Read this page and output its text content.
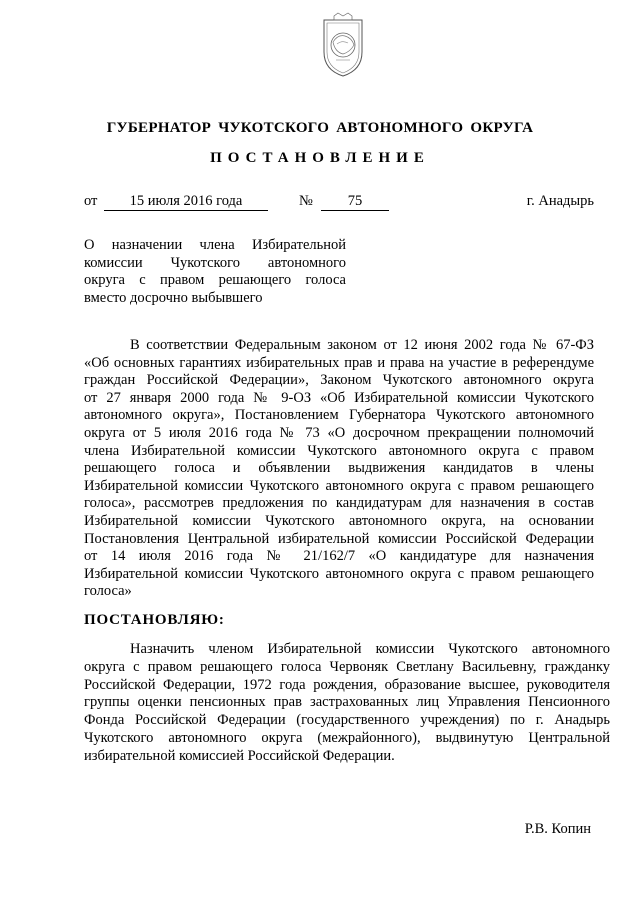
ГУБЕРНАТОР ЧУКОТСКОГО АВТОНОМНОГО ОКРУГА
ПОСТАНОВЛЕНИЕ
от	15 июля 2016 года	№	75	г. Анадырь
О назначении члена Избирательной
комиссии Чукотского автономного
округа с правом решающего голоса
вместо досрочно выбывшего
В соответствии Федеральным законом от 12 июня 2002 года № 67-ФЗ
«Об основных гарантиях избирательных прав и права на участие в референдуме
граждан Российской Федерации», Законом Чукотского автономного округа
от 27 января 2000 года № 9-ОЗ «Об Избирательной комиссии Чукотского
автономного округа», Постановлением Губернатора Чукотского автономного
округа от 5 июля 2016 года № 73 «О досрочном прекращении полномочий
члена Избирательной комиссии Чукотского автономного округа с правом
решающего голоса и объявлении выдвижения кандидатов в члены
Избирательной комиссии Чукотского автономного округа с правом решающего
голоса», рассмотрев предложения по кандидатурам для назначения в состав
Избирательной комиссии Чукотского автономного округа, на основании
Постановления Центральной избирательной комиссии Российской Федерации
от 14 июля 2016 года № 21/162/7 «О кандидатуре для назначения
Избирательной комиссии Чукотского автономного округа с правом решающего
голоса»
ПОСТАНОВЛЯЮ:
Назначить членом Избирательной комиссии Чукотского автономного
округа с правом решающего голоса Червоняк Светлану Васильевну, гражданку
Российской Федерации, 1972 года рождения, образование высшее, руководителя
группы оценки пенсионных прав застрахованных лиц Управления Пенсионного
Фонда Российской Федерации (государственного учреждения) по г. Анадырь
Чукотского автономного округа (межрайонного), выдвинутую Центральной
избирательной комиссией Российской Федерации.
Р.В. Копин
